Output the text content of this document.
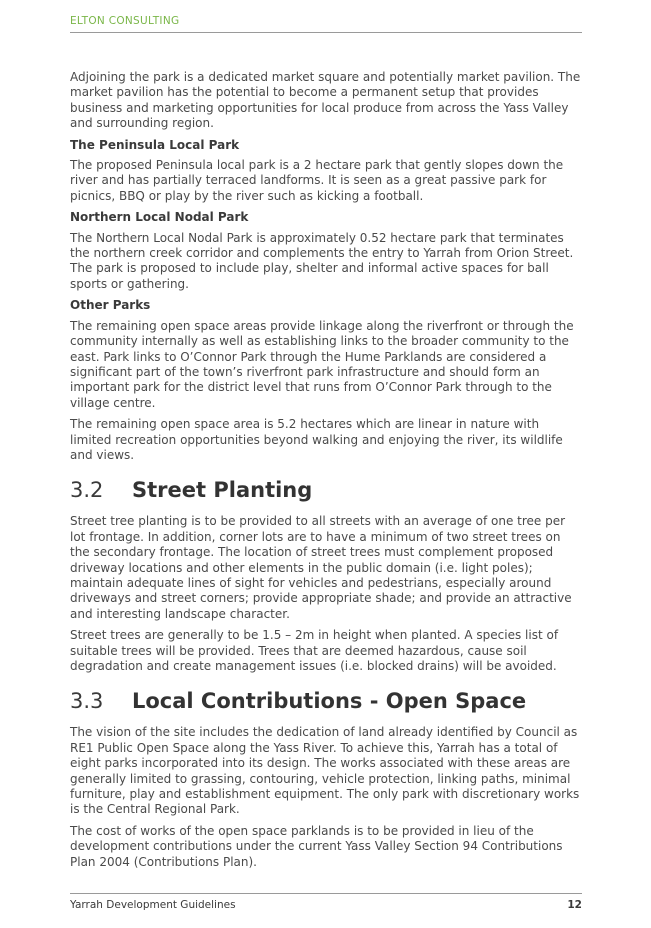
ELTON CONSULTING

Adjoining the park is a dedicated market square and potentially market pavilion. The market pavilion has the potential to become a permanent setup that provides business and marketing opportunities for local produce from across the Yass Valley and surrounding region.

The Peninsula Local Park

The proposed Peninsula local park is a 2 hectare park that gently slopes down the river and has partially terraced landforms. It is seen as a great passive park for picnics, BBQ or play by the river such as kicking a football.

Northern Local Nodal Park

The Northern Local Nodal Park is approximately 0.52 hectare park that terminates the northern creek corridor and complements the entry to Yarrah from Orion Street. The park is proposed to include play, shelter and informal active spaces for ball sports or gathering.

Other Parks

The remaining open space areas provide linkage along the riverfront or through the community internally as well as establishing links to the broader community to the east. Park links to O’Connor Park through the Hume Parklands are considered a significant part of the town’s riverfront park infrastructure and should form an important park for the district level that runs from O’Connor Park through to the village centre.

The remaining open space area is 5.2 hectares which are linear in nature with limited recreation opportunities beyond walking and enjoying the river, its wildlife and views.

3.2	Street Planting

Street tree planting is to be provided to all streets with an average of one tree per lot frontage. In addition, corner lots are to have a minimum of two street trees on the secondary frontage. The location of street trees must complement proposed driveway locations and other elements in the public domain (i.e. light poles); maintain adequate lines of sight for vehicles and pedestrians, especially around driveways and street corners; provide appropriate shade; and provide an attractive and interesting landscape character.

Street trees are generally to be 1.5 – 2m in height when planted. A species list of suitable trees will be provided. Trees that are deemed hazardous, cause soil degradation and create management issues (i.e. blocked drains) will be avoided.

3.3	Local Contributions - Open Space

The vision of the site includes the dedication of land already identified by Council as RE1 Public Open Space along the Yass River. To achieve this, Yarrah has a total of eight parks incorporated into its design. The works associated with these areas are generally limited to grassing, contouring, vehicle protection, linking paths, minimal furniture, play and establishment equipment. The only park with discretionary works is the Central Regional Park.

The cost of works of the open space parklands is to be provided in lieu of the development contributions under the current Yass Valley Section 94 Contributions Plan 2004 (Contributions Plan).

Yarrah Development Guidelines	12
